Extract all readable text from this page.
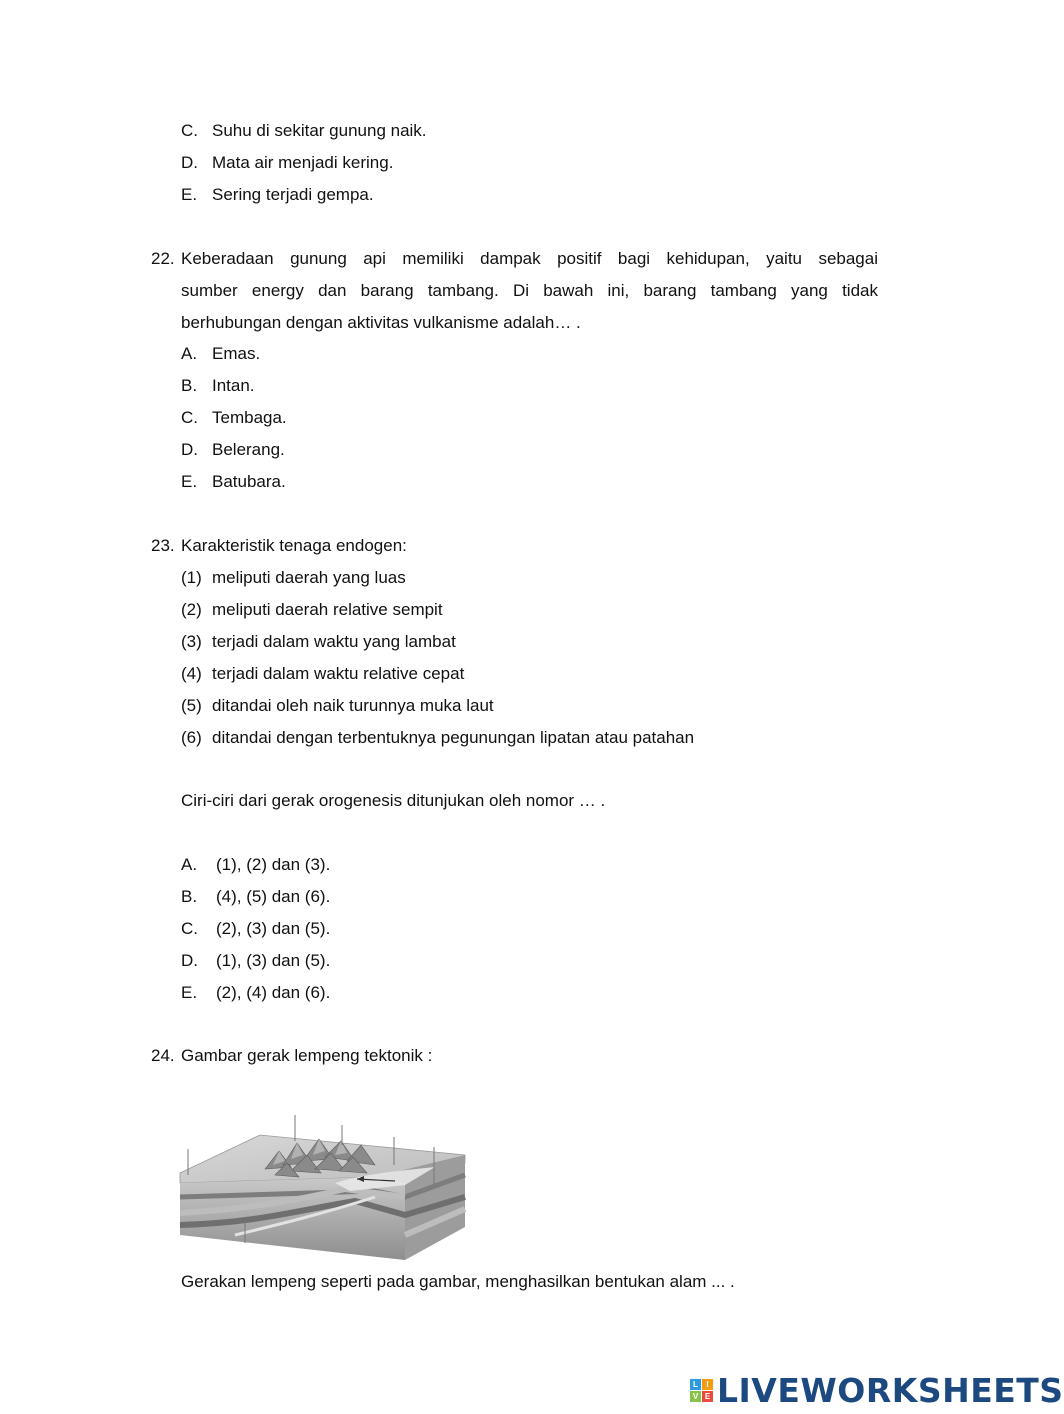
C. Suhu di sekitar gunung naik.
D. Mata air menjadi kering.
E. Sering terjadi gempa.
22. Keberadaan gunung api memiliki dampak positif bagi kehidupan, yaitu sebagai
sumber energy dan barang tambang. Di bawah ini, barang tambang yang tidak
berhubungan dengan aktivitas vulkanisme adalah… .
A. Emas.
B. Intan.
C. Tembaga.
D. Belerang.
E. Batubara.
23. Karakteristik tenaga endogen:
(1) meliputi daerah yang luas
(2) meliputi daerah relative sempit
(3) terjadi dalam waktu yang lambat
(4) terjadi dalam waktu relative cepat
(5) ditandai oleh naik turunnya muka laut
(6) ditandai dengan terbentuknya pegunungan lipatan atau patahan
Ciri-ciri dari gerak orogenesis ditunjukan oleh nomor … .
A. (1), (2) dan (3).
B. (4), (5) dan (6).
C. (2), (3) dan (5).
D. (1), (3) dan (5).
E. (2), (4) dan (6).
24. Gambar gerak lempeng tektonik :
Gerakan lempeng seperti pada gambar, menghasilkan bentukan alam ... .
L	I
V E LIVEWORKSHEETS
